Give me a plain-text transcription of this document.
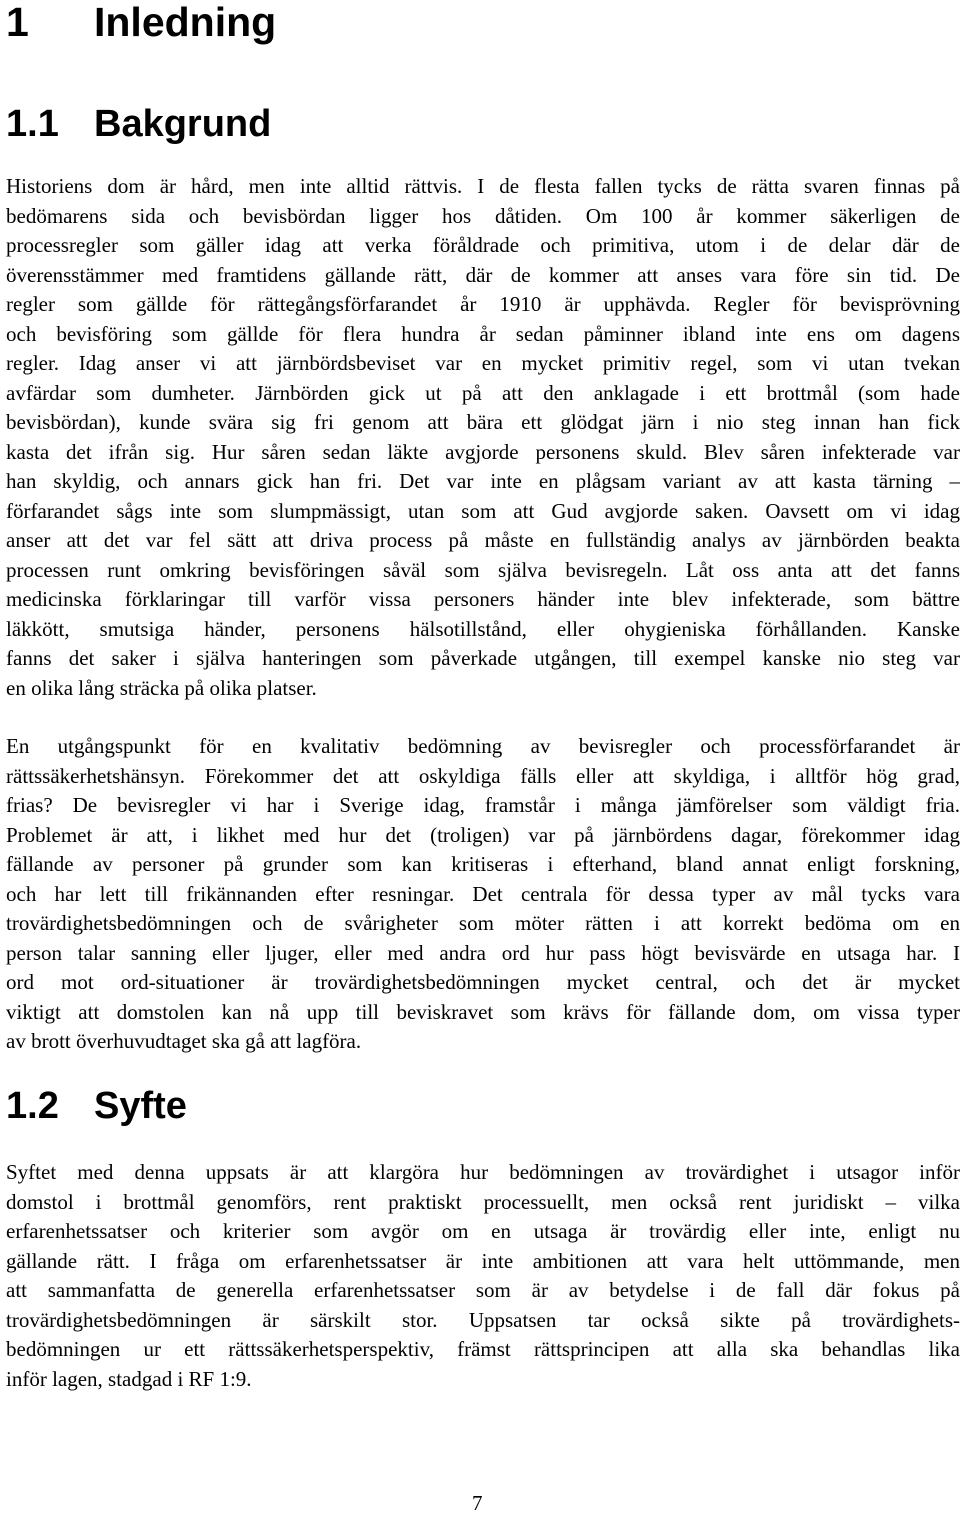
1 Inledning
1.1 Bakgrund

Historiens dom är hård, men inte alltid rättvis. I de flesta fallen tycks de rätta svaren finnas på
bedömarens sida och bevisbördan ligger hos dåtiden. Om 100 år kommer säkerligen de
processregler som gäller idag att verka föråldrade och primitiva, utom i de delar där de
överensstämmer med framtidens gällande rätt, där de kommer att anses vara före sin tid. De
regler som gällde för rättegångsförfarandet år 1910 är upphävda. Regler för bevisprövning
och bevisföring som gällde för flera hundra år sedan påminner ibland inte ens om dagens
regler. Idag anser vi att järnbördsbeviset var en mycket primitiv regel, som vi utan tvekan
avfärdar som dumheter. Järnbörden gick ut på att den anklagade i ett brottmål (som hade
bevisbördan), kunde svära sig fri genom att bära ett glödgat järn i nio steg innan han fick
kasta det ifrån sig. Hur såren sedan läkte avgjorde personens skuld. Blev såren infekterade var
han skyldig, och annars gick han fri. Det var inte en plågsam variant av att kasta tärning –
förfarandet sågs inte som slumpmässigt, utan som att Gud avgjorde saken. Oavsett om vi idag
anser att det var fel sätt att driva process på måste en fullständig analys av järnbörden beakta
processen runt omkring bevisföringen såväl som själva bevisregeln. Låt oss anta att det fanns
medicinska förklaringar till varför vissa personers händer inte blev infekterade, som bättre
läkkött, smutsiga händer, personens hälsotillstånd, eller ohygieniska förhållanden. Kanske
fanns det saker i själva hanteringen som påverkade utgången, till exempel kanske nio steg var
en olika lång sträcka på olika platser.

En utgångspunkt för en kvalitativ bedömning av bevisregler och processförfarandet är
rättssäkerhetshänsyn. Förekommer det att oskyldiga fälls eller att skyldiga, i alltför hög grad,
frias? De bevisregler vi har i Sverige idag, framstår i många jämförelser som väldigt fria.
Problemet är att, i likhet med hur det (troligen) var på järnbördens dagar, förekommer idag
fällande av personer på grunder som kan kritiseras i efterhand, bland annat enligt forskning,
och har lett till frikännanden efter resningar. Det centrala för dessa typer av mål tycks vara
trovärdighetsbedömningen och de svårigheter som möter rätten i att korrekt bedöma om en
person talar sanning eller ljuger, eller med andra ord hur pass högt bevisvärde en utsaga har. I
ord mot ord-situationer är trovärdighetsbedömningen mycket central, och det är mycket
viktigt att domstolen kan nå upp till beviskravet som krävs för fällande dom, om vissa typer
av brott överhuvudtaget ska gå att lagföra.

1.2 Syfte

Syftet med denna uppsats är att klargöra hur bedömningen av trovärdighet i utsagor inför
domstol i brottmål genomförs, rent praktiskt processuellt, men också rent juridiskt – vilka
erfarenhetssatser och kriterier som avgör om en utsaga är trovärdig eller inte, enligt nu
gällande rätt. I fråga om erfarenhetssatser är inte ambitionen att vara helt uttömmande, men
att sammanfatta de generella erfarenhetssatser som är av betydelse i de fall där fokus på
trovärdighetsbedömningen är särskilt stor. Uppsatsen tar också sikte på trovärdighets-
bedömningen ur ett rättssäkerhetsperspektiv, främst rättsprincipen att alla ska behandlas lika
inför lagen, stadgad i RF 1:9.

7
